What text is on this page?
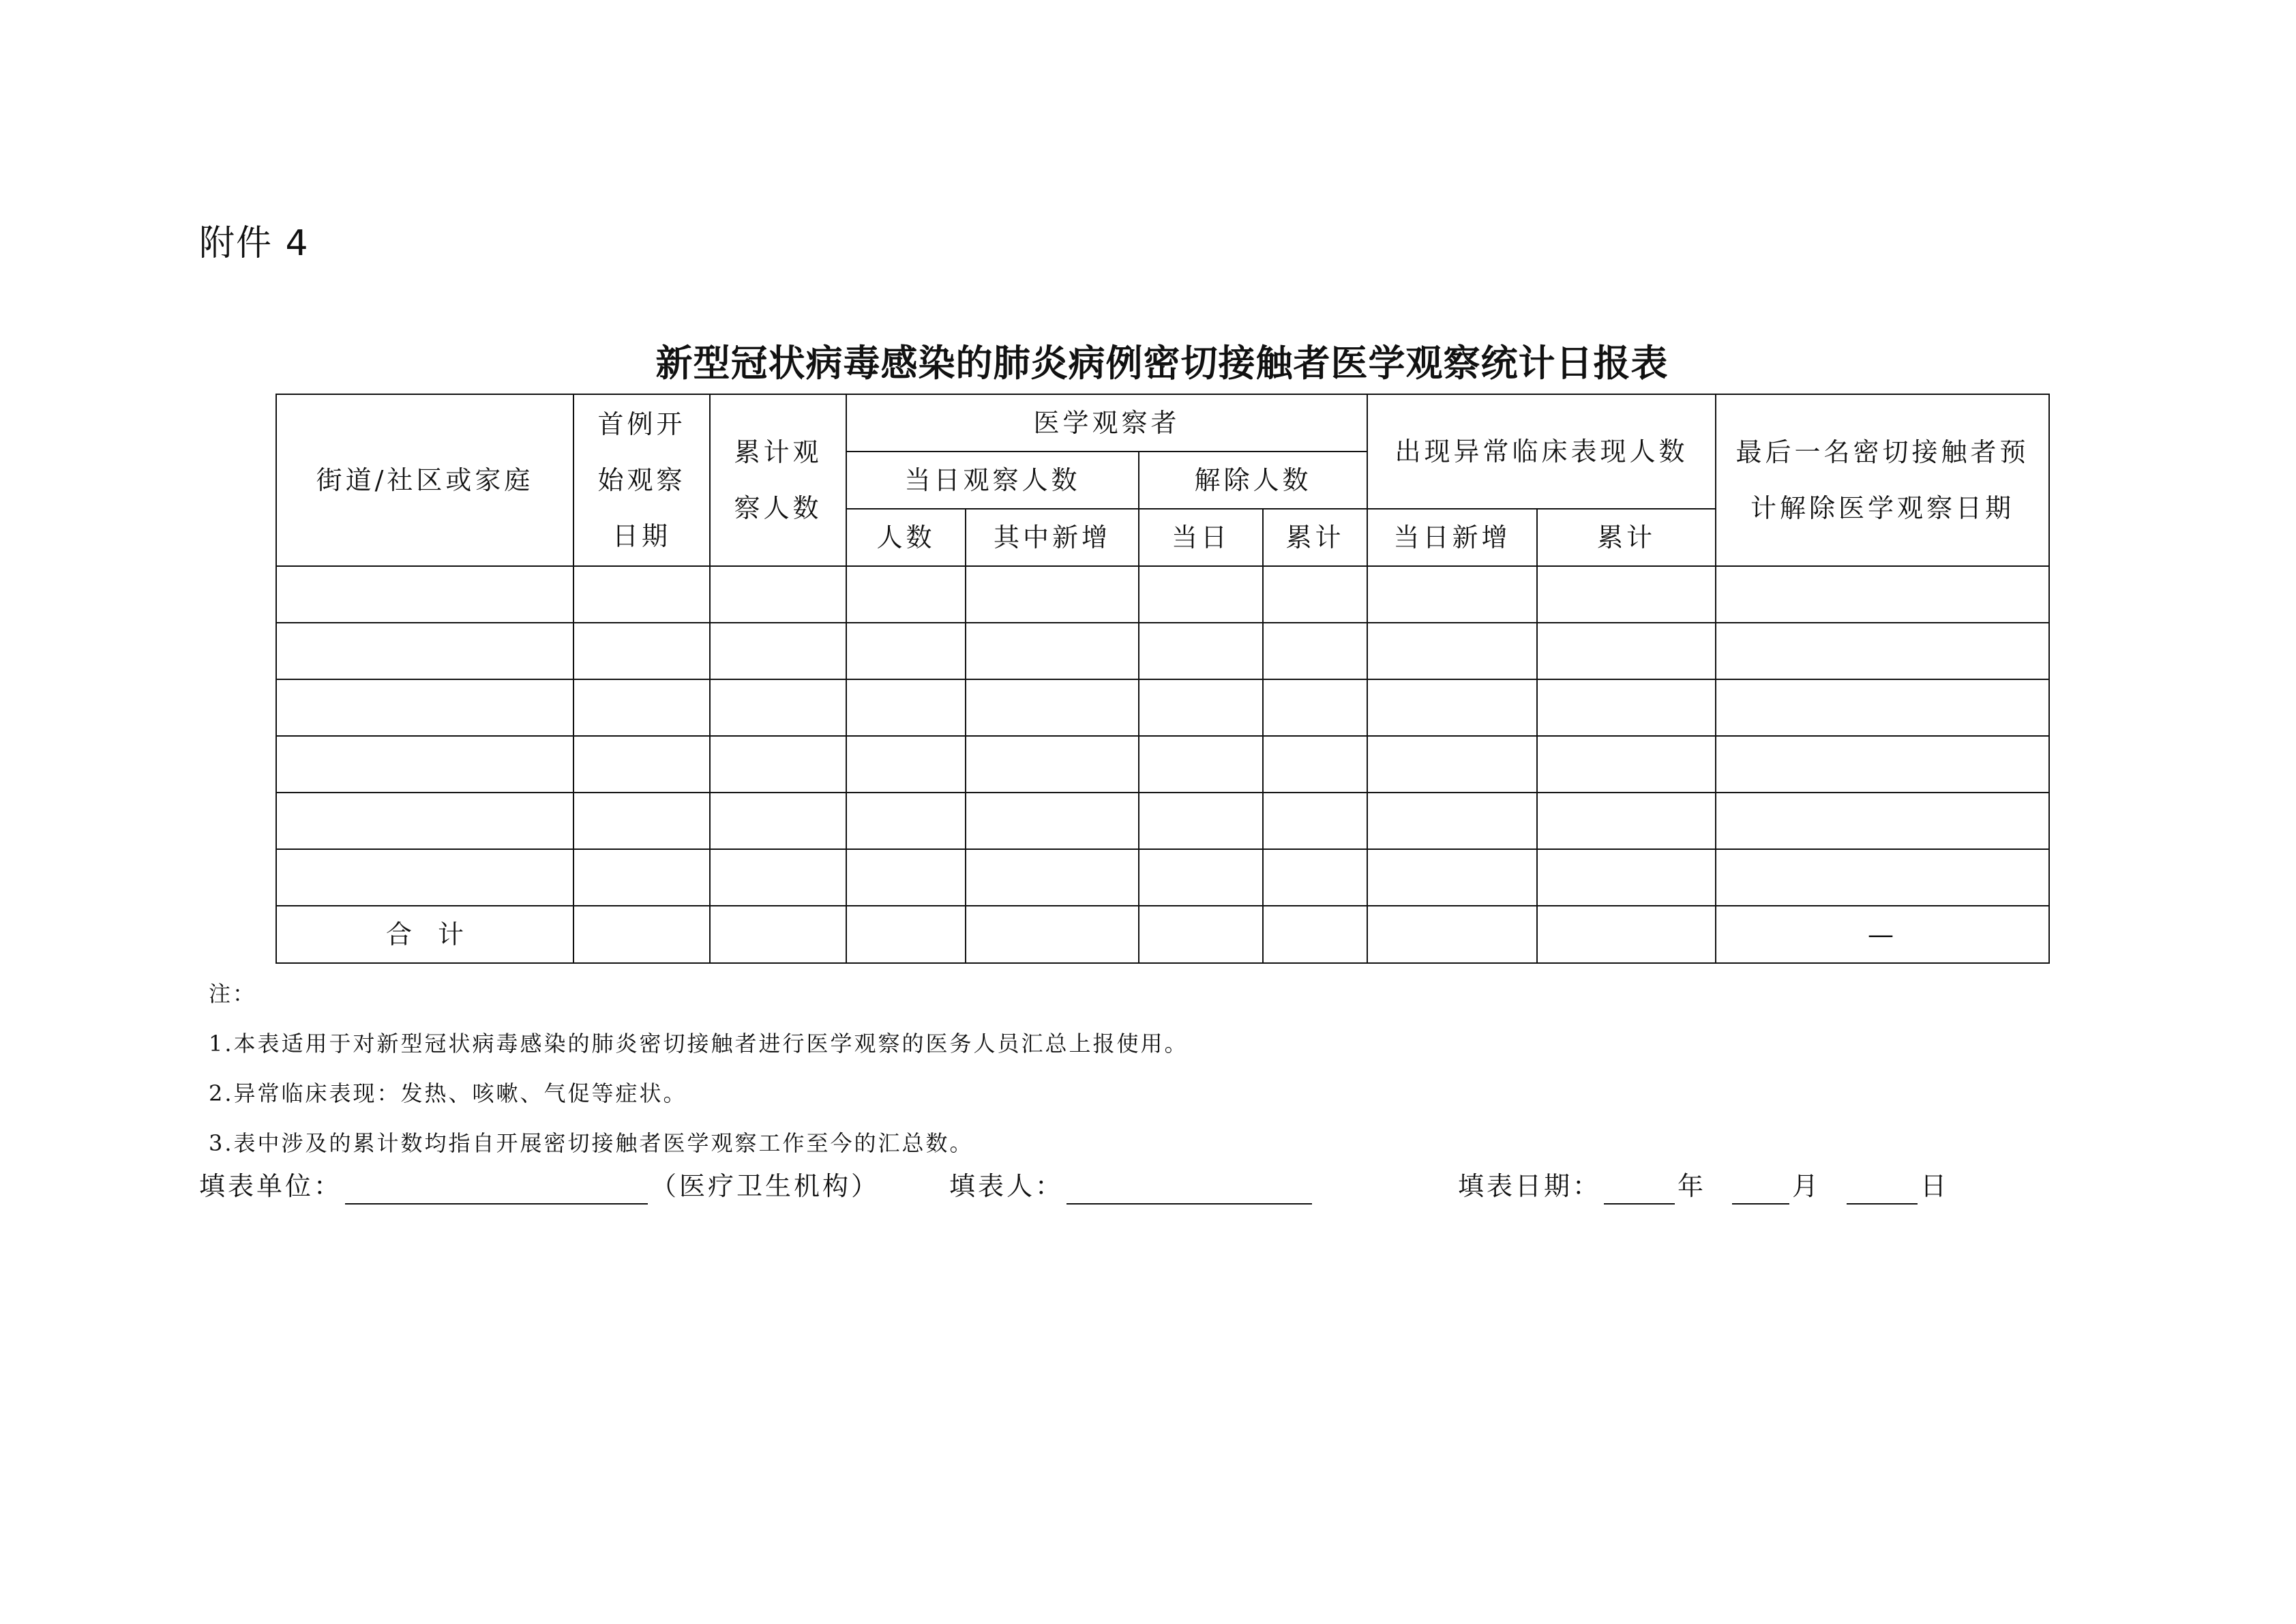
附件 4
新型冠状病毒感染的肺炎病例密切接触者医学观察统计日报表
街道/社区或家庭	首例开始观察日期	累计观察人数	医学观察者				出现异常临床表现人数		最后一名密切接触者预计解除医学观察日期
			当日观察人数		解除人数				
			人数	其中新增	当日	累计	当日新增	累计	

合　计									—
注：
1.本表适用于对新型冠状病毒感染的肺炎密切接触者进行医学观察的医务人员汇总上报使用。
2.异常临床表现：发热、咳嗽、气促等症状。
3.表中涉及的累计数均指自开展密切接触者医学观察工作至今的汇总数。
填表单位：	（医疗卫生机构）	填表人：	填表日期：	年	月	日
